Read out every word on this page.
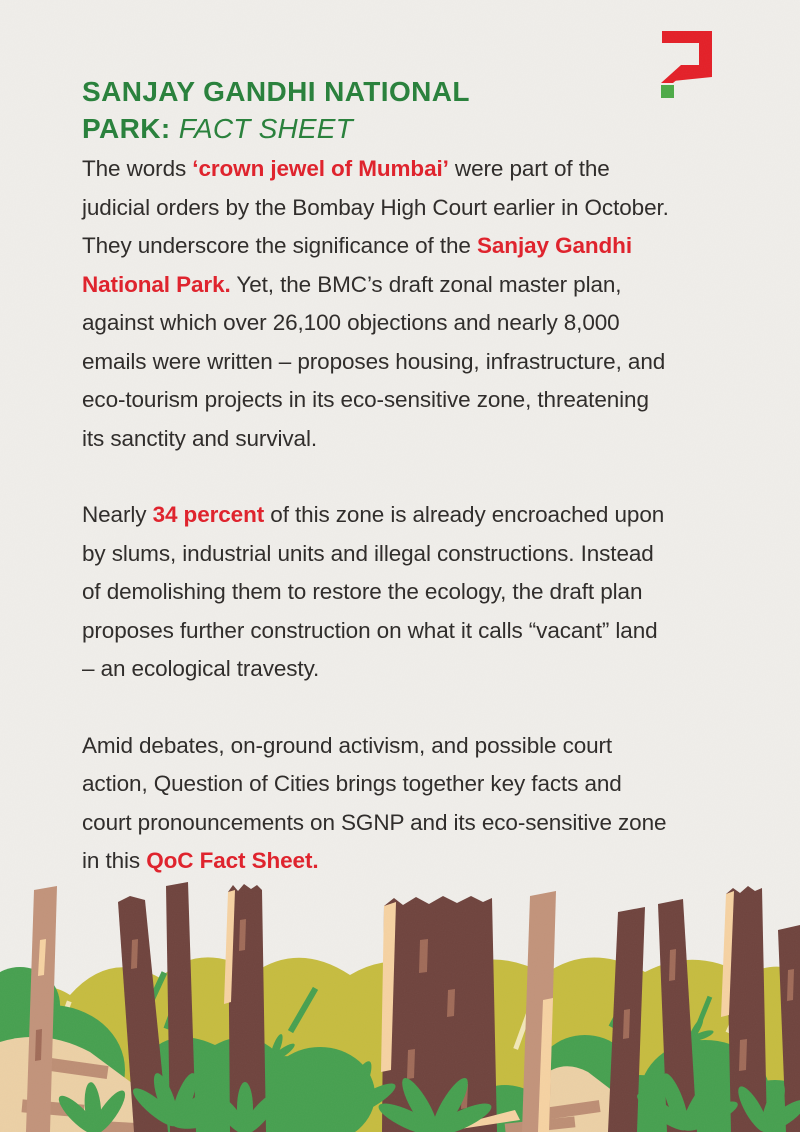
SANJAY GANDHI NATIONAL
PARK: FACT SHEET

The words ‘crown jewel of Mumbai’ were part of the judicial orders by the Bombay High Court earlier in October. They underscore the significance of the Sanjay Gandhi National Park. Yet, the BMC’s draft zonal master plan, against which over 26,100 objections and nearly 8,000 emails were written – proposes housing, infrastructure, and eco-tourism projects in its eco-sensitive zone, threatening its sanctity and survival.

Nearly 34 percent of this zone is already encroached upon by slums, industrial units and illegal constructions. Instead of demolishing them to restore the ecology, the draft plan proposes further construction on what it calls “vacant” land – an ecological travesty.

Amid debates, on-ground activism, and possible court action, Question of Cities brings together key facts and court pronouncements on SGNP and its eco-sensitive zone in this QoC Fact Sheet.
